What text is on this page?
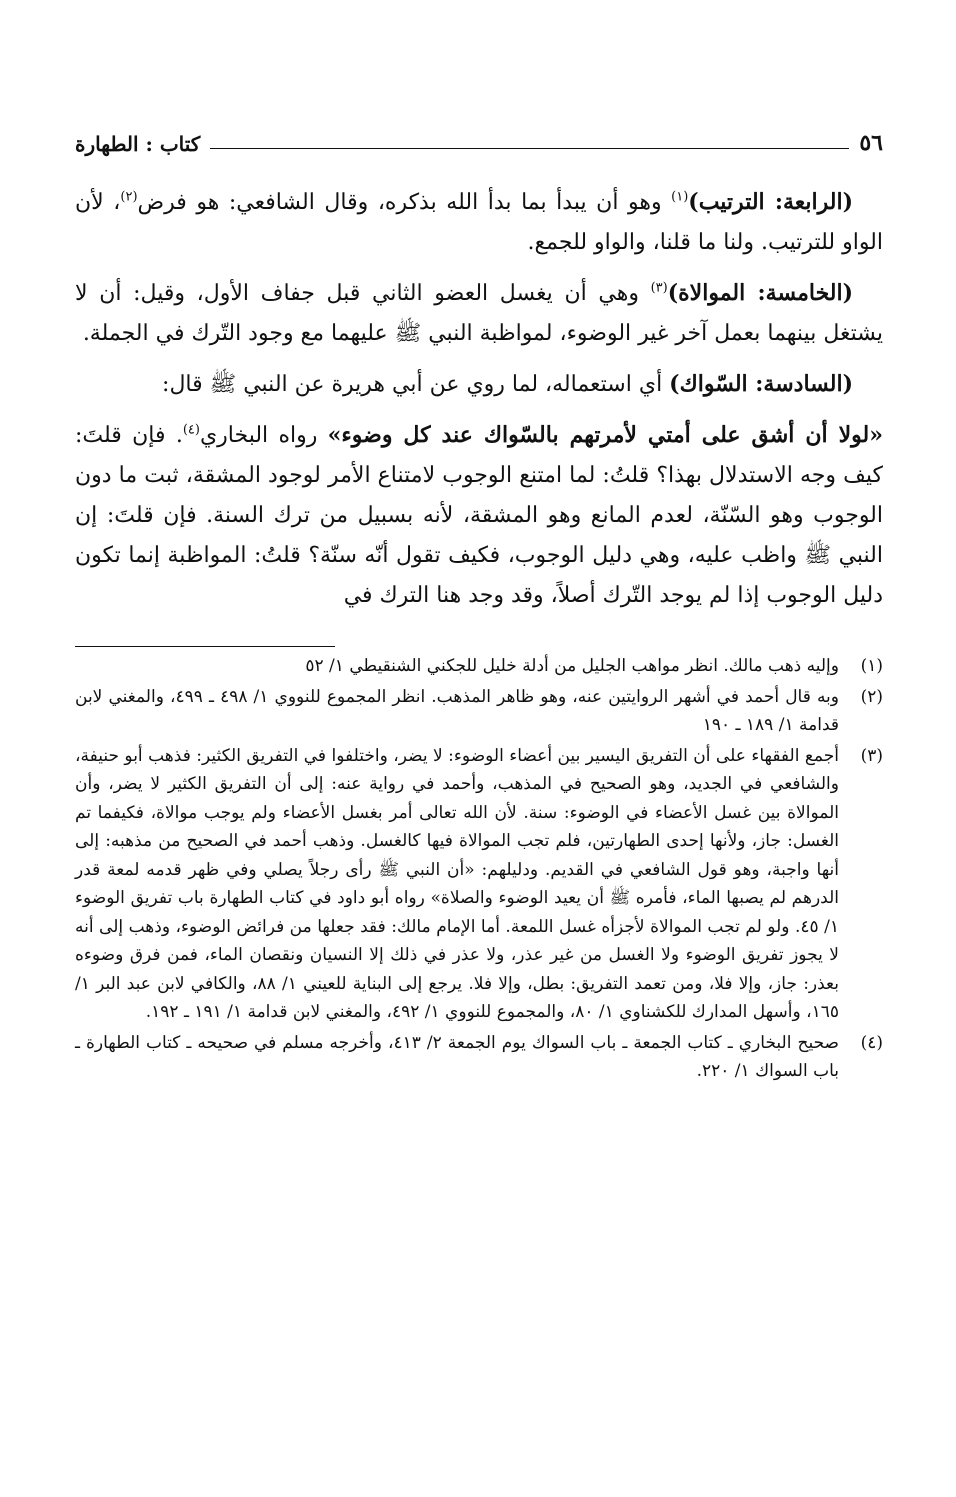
٥٦
كتاب : الطهارة

(الرابعة: الترتيب)$^{(١)}$ وهو أن يبدأ بما بدأ الله بذكره، وقال الشافعي: هو فرض$^{(٢)}$، لأن الواو للترتيب. ولنا ما قلنا، والواو للجمع.

(الخامسة: الموالاة)$^{(٣)}$ وهي أن يغسل العضو الثاني قبل جفاف الأول، وقيل: أن لا يشتغل بينهما بعمل آخر غير الوضوء، لمواظبة النبي ﷺ عليهما مع وجود التّرك في الجملة.

(السادسة: السّواك) أي استعماله، لما روي عن أبي هريرة عن النبي ﷺ قال:

«لولا أن أشق على أمتي لأمرتهم بالسّواك عند كل وضوء» رواه البخاري$^{(٤)}$. فإن قلتَ: كيف وجه الاستدلال بهذا؟ قلتُ: لما امتنع الوجوب لامتناع الأمر لوجود المشقة، ثبت ما دون الوجوب وهو السّنّة، لعدم المانع وهو المشقة، لأنه بسبيل من ترك السنة. فإن قلتَ: إن النبي ﷺ واظب عليه، وهي دليل الوجوب، فكيف تقول أنّه سنّة؟ قلتُ: المواظبة إنما تكون دليل الوجوب إذا لم يوجد التّرك أصلاً، وقد وجد هنا الترك في

(١)
وإليه ذهب مالك. انظر مواهب الجليل من أدلة خليل للجكني الشنقيطي ١/ ٥٢
(٢)
وبه قال أحمد في أشهر الروايتين عنه، وهو ظاهر المذهب. انظر المجموع للنووي ١/ ٤٩٨ ـ ٤٩٩، والمغني لابن قدامة ١/ ١٨٩ ـ ١٩٠
(٣)
أجمع الفقهاء على أن التفريق اليسير بين أعضاء الوضوء: لا يضر، واختلفوا في التفريق الكثير: فذهب أبو حنيفة، والشافعي في الجديد، وهو الصحيح في المذهب، وأحمد في رواية عنه: إلى أن التفريق الكثير لا يضر، وأن الموالاة بين غسل الأعضاء في الوضوء: سنة. لأن الله تعالى أمر بغسل الأعضاء ولم يوجب موالاة، فكيفما تم الغسل: جاز، ولأنها إحدى الطهارتين، فلم تجب الموالاة فيها كالغسل. وذهب أحمد في الصحيح من مذهبه: إلى أنها واجبة، وهو قول الشافعي في القديم. ودليلهم: «أن النبي ﷺ رأى رجلاً يصلي وفي ظهر قدمه لمعة قدر الدرهم لم يصبها الماء، فأمره ﷺ أن يعيد الوضوء والصلاة» رواه أبو داود في كتاب الطهارة باب تفريق الوضوء ١/ ٤٥. ولو لم تجب الموالاة لأجزأه غسل اللمعة. أما الإمام مالك: فقد جعلها من فرائض الوضوء، وذهب إلى أنه لا يجوز تفريق الوضوء ولا الغسل من غير عذر، ولا عذر في ذلك إلا النسيان ونقصان الماء، فمن فرق وضوءه بعذر: جاز، وإلا فلا، ومن تعمد التفريق: بطل، وإلا فلا. يرجع إلى البناية للعيني ١/ ٨٨، والكافي لابن عبد البر ١/ ١٦٥، وأسهل المدارك للكشناوي ١/ ٨٠، والمجموع للنووي ١/ ٤٩٢، والمغني لابن قدامة ١/ ١٩١ ـ ١٩٢.
(٤)
صحيح البخاري ـ كتاب الجمعة ـ باب السواك يوم الجمعة ٢/ ٤١٣، وأخرجه مسلم في صحيحه ـ كتاب الطهارة ـ باب السواك ١/ ٢٢٠.
